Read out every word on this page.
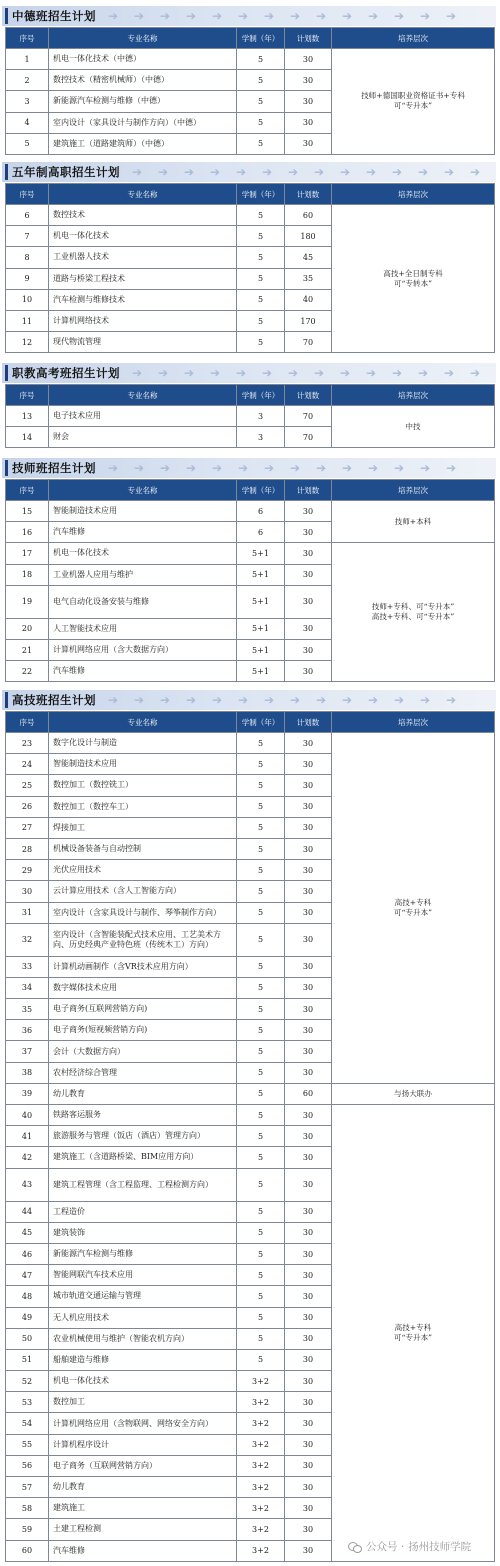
中德班招生计划 ➔	➔	➔	➔	➔	➔	➔	➔	➔	➔	➔	➔	➔	➔
序号	专业名称	学制（年）	计划数	培养层次
1	机电一体化技术（中德）	5	30	技师+德国职业资格证书+专科
可“专升本”
2	数控技术（精密机械师）（中德）	5	30	
3	新能源汽车检测与维修（中德）	5	30	
4	室内设计（家具设计与制作方向）（中德）	5	30	
5	建筑施工（道路建筑师）（中德）	5	30	
五年制高职招生计划 ➔	➔	➔	➔	➔	➔	➔	➔	➔	➔	➔	➔	➔	➔
序号	专业名称	学制（年）	计划数	培养层次
6	数控技术	5	60	高技+全日制专科
可“专转本”
7	机电一体化技术	5	180	
8	工业机器人技术	5	45	
9	道路与桥梁工程技术	5	35	
10	汽车检测与维修技术	5	40	
11	计算机网络技术	5	170	
12	现代物流管理	5	70	
职教高考班招生计划 ➔	➔	➔	➔	➔	➔	➔	➔	➔	➔	➔	➔	➔	➔
序号	专业名称	学制（年）	计划数	培养层次
13	电子技术应用	3	70	中技
14	财会	3	70	
技师班招生计划 ➔	➔	➔	➔	➔	➔	➔	➔	➔	➔	➔	➔	➔	➔
序号	专业名称	学制（年）	计划数	培养层次
15	智能制造技术应用	6	30	技师+本科
16	汽车维修	6	30	
17	机电一体化技术	5+1	30	技师+专科、可“专升本”
高技+专科、可“专升本”
18	工业机器人应用与维护	5+1	30	
19	电气自动化设备安装与维修	5+1	30	
20	人工智能技术应用	5+1	30	
21	计算机网络应用（含大数据方向）	5+1	30	
22	汽车维修	5+1	30	
高技班招生计划 ➔	➔	➔	➔	➔	➔	➔	➔	➔	➔	➔	➔	➔	➔
序号	专业名称	学制（年）	计划数	培养层次
23	数字化设计与制造	5	30	高技+专科
可“专升本”
24	智能制造技术应用	5	30	
25	数控加工（数控铣工）	5	30	
26	数控加工（数控车工）	5	30	
27	焊接加工	5	30	
28	机械设备装备与自动控制	5	30	
29	光伏应用技术	5	30	
30	云计算应用技术（含人工智能方向）	5	30	
31	室内设计（含家具设计与制作、琴筝制作方向）	5	30	
32	室内设计（含智能装配式技术应用、工艺美术方向、历史经典产业特色班（传统木工）方向）	5	30	
33	计算机动画制作（含VR技术应用方向）	5	30	
34	数字媒体技术应用	5	30	
35	电子商务(互联网营销方向)	5	30	
36	电子商务(短视频营销方向)	5	30	
37	会计（大数据方向）	5	30	
38	农村经济综合管理	5	30	
39	幼儿教育	5	60	与扬大联办
40	铁路客运服务	5	30	高技+专科
可“专升本”
41	旅游服务与管理（饭店（酒店）管理方向）	5	30	
42	建筑施工（含道路桥梁、BIM应用方向）	5	30	
43	建筑工程管理（含工程监理、工程检测方向）	5	30	
44	工程造价	5	30	
45	建筑装饰	5	30	
46	新能源汽车检测与维修	5	30	
47	智能网联汽车技术应用	5	30	
48	城市轨道交通运输与管理	5	30	
49	无人机应用技术	5	30	
50	农业机械使用与维护（智能农机方向）	5	30	
51	船舶建造与维修	5	30	
52	机电一体化技术	3+2	30	
53	数控加工	3+2	30	
54	计算机网络应用（含物联网、网络安全方向）	3+2	30	
55	计算机程序设计	3+2	30	
56	电子商务（互联网营销方向）	3+2	30	
57	幼儿教育	3+2	30	
58	建筑施工	3+2	30	
59	土建工程检测	3+2	30	
60	汽车维修	3+2	30		公众号 · 扬州技师学院
